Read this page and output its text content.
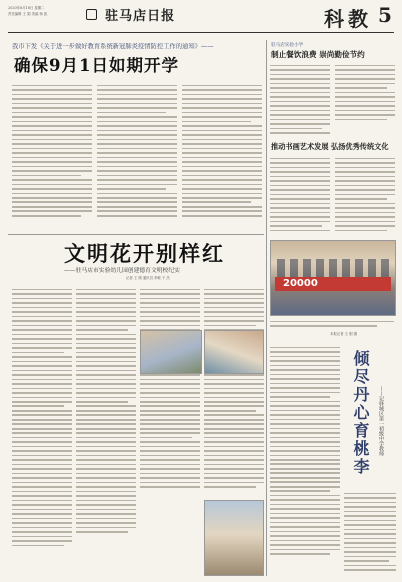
2020年8月18日 星期二
责任编辑 王 娟 美编 杨 凯	驻马店日报	科教 5
我市下发《关于进一步做好教育系统新冠肺炎疫情防控工作的通知》——
确保9月1日如期开学
驻马店实验小学
制止餐饮浪费 崇尚勤俭节约
推动书画艺术发展 弘扬优秀传统文化
20000
本报记者 王 刚 摄
文明花开别样红
——驻马店市实验幼儿园创建德育文明校纪实
记者 王 刚 通讯员 李敏 于 杰
倾尽丹心育桃李	——记驿城区第一初级中学教师
